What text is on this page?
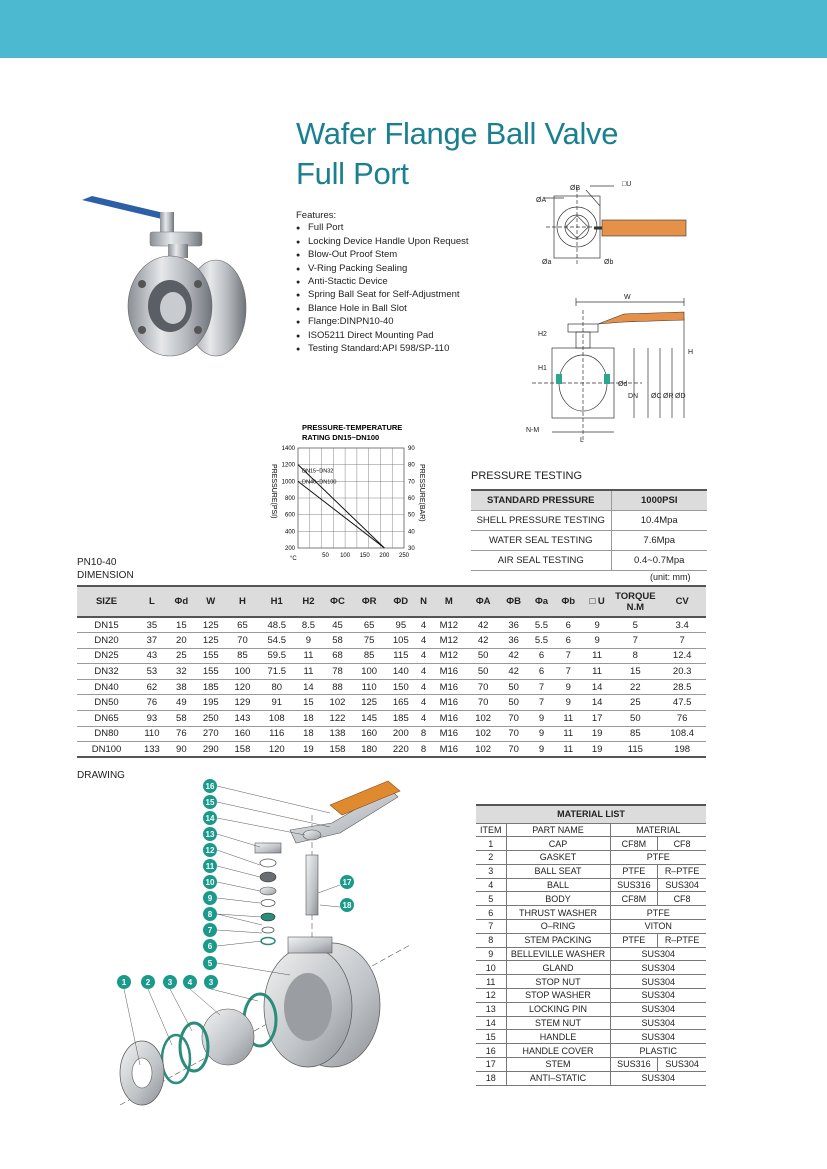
Wafer Flange Ball Valve
Full Port
Features:
● Full Port
● Locking Device Handle Upon Request
● Blow-Out Proof Stem
● V-Ring Packing Sealing
● Anti-Stactic Device
● Spring Ball Seat for Self-Adjustment
● Blance Hole in Ball Slot
● Flange:DINPN10-40
● ISO5211 Direct Mounting Pad
● Testing Standard:API 598/SP-110
ØA
ØB
□U
Øa	Øb
W
H2
H1
H
Ød
DN ØC ØR ØD
N-M
L
PRESSURE-TEMPERATURE
RATING DN15~DN100
DN15~DN32
DN40~DN100
1400
1200
1000
800
600
400
200
90
80
70
60
50
40
30
50 100 150 200 250
PRESSURE(PSI)	PRESSURE(BAR)
°C
PRESSURE TESTING
STANDARD PRESSURE	1000PSI
SHELL PRESSURE TESTING	10.4Mpa
WATER SEAL TESTING	7.6Mpa
AIR SEAL TESTING	0.4~0.7Mpa
PN10-40
DIMENSION	(unit: mm)
SIZE	L	Φd	W	H	H1	H2	ΦC	ΦR	ΦD	N	M	ΦA	ΦB	Φa	Φb	□ U	TORQUE N.M	CV
DN15	35	15	125	65	48.5	8.5	45	65	95	4	M12	42	36	5.5	6	9	5	3.4
DN20	37	20	125	70	54.5	9	58	75	105	4	M12	42	36	5.5	6	9	7	7
DN25	43	25	155	85	59.5	11	68	85	115	4	M12	50	42	6	7	11	8	12.4
DN32	53	32	155	100	71.5	11	78	100	140	4	M16	50	42	6	7	11	15	20.3
DN40	62	38	185	120	80	14	88	110	150	4	M16	70	50	7	9	14	22	28.5
DN50	76	49	195	129	91	15	102	125	165	4	M16	70	50	7	9	14	25	47.5
DN65	93	58	250	143	108	18	122	145	185	4	M16	102	70	9	11	17	50	76
DN80	110	76	270	160	116	18	138	160	200	8	M16	102	70	9	11	19	85	108.4
DN100	133	90	290	158	120	19	158	180	220	8	M16	102	70	9	11	19	115	198
DRAWING
16
15
14
13
12
11
10
9
8
7
6
5
17
18
1 2 3 4 3
MATERIAL LIST			
ITEM	PART NAME	MATERIAL	
1	CAP	CF8M	CF8
2	GASKET	PTFE	
3	BALL SEAT	PTFE	R–PTFE
4	BALL	SUS316	SUS304
5	BODY	CF8M	CF8
6	THRUST WASHER	PTFE	
7	O–RING	VITON	
8	STEM PACKING	PTFE	R–PTFE
9	BELLEVILLE WASHER	SUS304	
10	GLAND	SUS304	
11	STOP NUT	SUS304	
12	STOP WASHER	SUS304	
13	LOCKING PIN	SUS304	
14	STEM NUT	SUS304	
15	HANDLE	SUS304	
16	HANDLE COVER	PLASTIC	
17	STEM	SUS316	SUS304
18	ANTI–STATIC	SUS304	
